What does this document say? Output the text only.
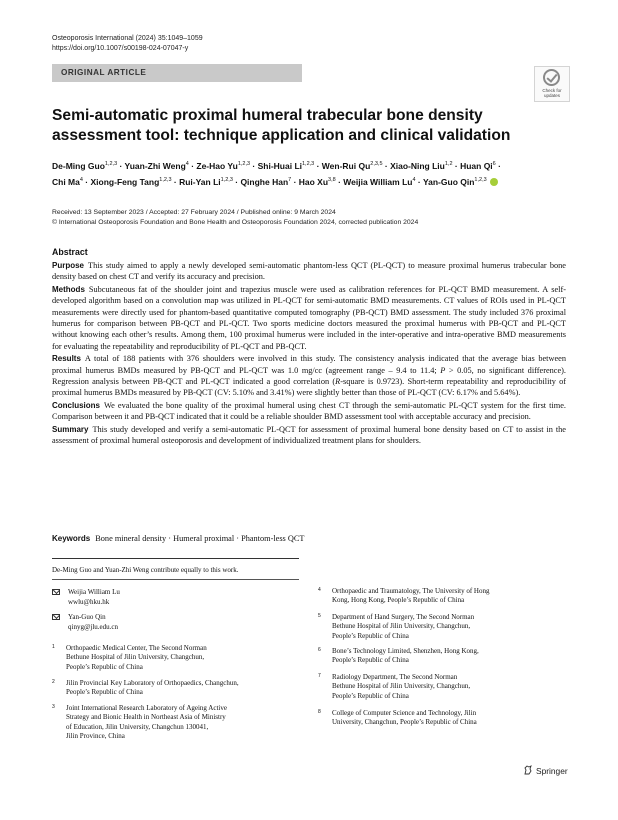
Osteoporosis International (2024) 35:1049–1059
https://doi.org/10.1007/s00198-024-07047-y
ORIGINAL ARTICLE
Check for updates
Semi-automatic proximal humeral trabecular bone density
assessment tool: technique application and clinical validation
De-Ming Guo$^{1,2,3}$ · Yuan-Zhi Weng$^4$ · Ze-Hao Yu$^{1,2,3}$ · Shi-Huai Li$^{1,2,3}$ · Wen-Rui Qu$^{2,3,5}$ · Xiao-Ning Liu$^{1,2}$ · Huan $Qi^6$ ·
Chi $Ma^4$ · Xiong-Feng Tang$^{1,2,3}$ · Rui-Yan Li$^{1,2,3}$ · Qinghe Han$^7$ · Hao Xu$^{3,8}$ · Weijia William $Lu^4 \cdot Yan-Guo$ Qin$^{1,2,3}$
Received: 13 September 2023 / Accepted: 27 February 2024 / Published online: 9 March 2024
© International Osteoporosis Foundation and Bone Health and Osteoporosis Foundation 2024, corrected publication 2024
Abstract

Purpose This study aimed to apply a newly developed semi-automatic phantom-less QCT (PL-QCT) to measure proximal humerus trabecular bone density based on chest CT and verify its accuracy and precision.

Methods Subcutaneous fat of the shoulder joint and trapezius muscle were used as calibration references for PL-QCT BMD measurement. A self-developed algorithm based on a convolution map was utilized in PL-QCT for semi-automatic BMD measurements. CT values of ROIs used in PL-QCT measurements were directly used for phantom-based quantitative computed tomography (PB-QCT) BMD assessment. The study included 376 proximal humerus for comparison between PB-QCT and PL-QCT. Two sports medicine doctors measured the proximal humerus with PB-QCT and PL-QCT without knowing each other’s results. Among them, 100 proximal humerus were included in the inter-operative and intra-operative BMD measurements for evaluating the repeatability and reproducibility of PL-QCT and PB-QCT.

Results A total of 188 patients with 376 shoulders were involved in this study. The consistency analysis indicated that the average bias between proximal humerus BMDs measured by PB-QCT and PL-QCT was 1.0 mg/cc (agreement range – 9.4 to 11.4; P > 0.05, no significant difference). Regression analysis between PB-QCT and PL-QCT indicated a good correlation (R-square is 0.9723). Short-term repeatability and reproducibility of proximal humerus BMDs measured by PB-QCT (CV: 5.10% and 3.41%) were slightly better than those of PL-QCT (CV: 6.17% and 5.64%).

Conclusions We evaluated the bone quality of the proximal humeral using chest CT through the semi-automatic PL-QCT system for the first time. Comparison between it and PB-QCT indicated that it could be a reliable shoulder BMD assessment tool with acceptable accuracy and precision.

Summary This study developed and verify a semi-automatic PL-QCT for assessment of proximal humeral bone density based on CT to assist in the assessment of proximal humeral osteoporosis and development of individualized treatment plans for shoulders.

Keywords Bone mineral density · Humeral proximal · Phantom-less QCT
De-Ming Guo and Yuan-Zhi Weng contribute equally to this work.
Weijia William Lu
wwlu@hku.hk
Yan-Guo Qin
qinyg@jlu.edu.cn
1 Orthopaedic Medical Center, The Second Norman
Bethune Hospital of Jilin University, Changchun,
People’s Republic of China
2 Jilin Provincial Key Laboratory of Orthopaedics, Changchun,
People’s Republic of China
3 Joint International Research Laboratory of Ageing Active
Strategy and Bionic Health in Northeast Asia of Ministry
of Education, Jilin University, Changchun 130041,
Jilin Province, China
4 Orthopaedic and Traumatology, The University of Hong
Kong, Hong Kong, People’s Republic of China
5 Department of Hand Surgery, The Second Norman
Bethune Hospital of Jilin University, Changchun,
People’s Republic of China
6 Bone’s Technology Limited, Shenzhen, Hong Kong,
People’s Republic of China
7 Radiology Department, The Second Norman
Bethune Hospital of Jilin University, Changchun,
People’s Republic of China
8 College of Computer Science and Technology, Jilin
University, Changchun, People’s Republic of China
Springer
